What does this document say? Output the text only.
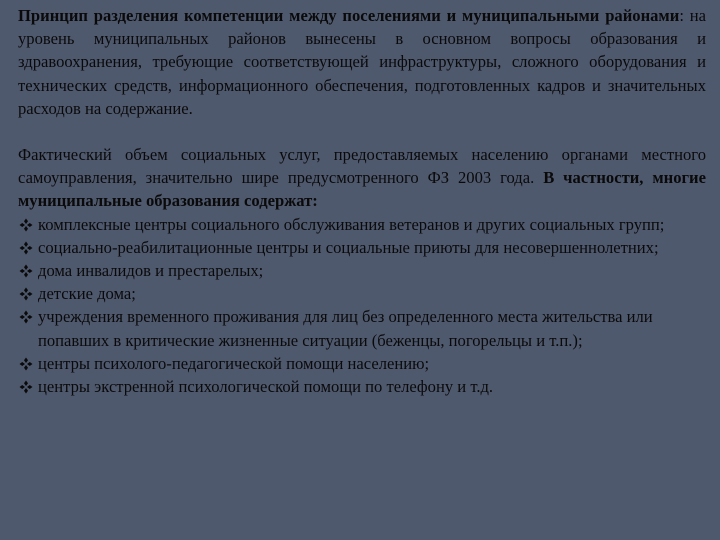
Принцип разделения компетенции между поселениями и муниципальными районами: на уровень муниципальных районов вынесены в основном вопросы образования и здравоохранения, требующие соответствующей инфраструктуры, сложного оборудования и технических средств, информационного обеспечения, подготовленных кадров и значительных расходов на содержание.

Фактический объем социальных услуг, предоставляемых населению органами местного самоуправления, значительно шире предусмотренного ФЗ 2003 года. В частности, многие муниципальные образования содержат:

комплексные центры социального обслуживания ветеранов и других социальных групп;
социально-реабилитационные центры и социальные приюты для несовершеннолетних;
дома инвалидов и престарелых;
детские дома;
учреждения временного проживания для лиц без определенного места жительства или попавших в критические жизненные ситуации (беженцы, погорельцы и т.п.);
центры психолого-педагогической помощи населению;
центры экстренной психологической помощи по телефону и т.д.
